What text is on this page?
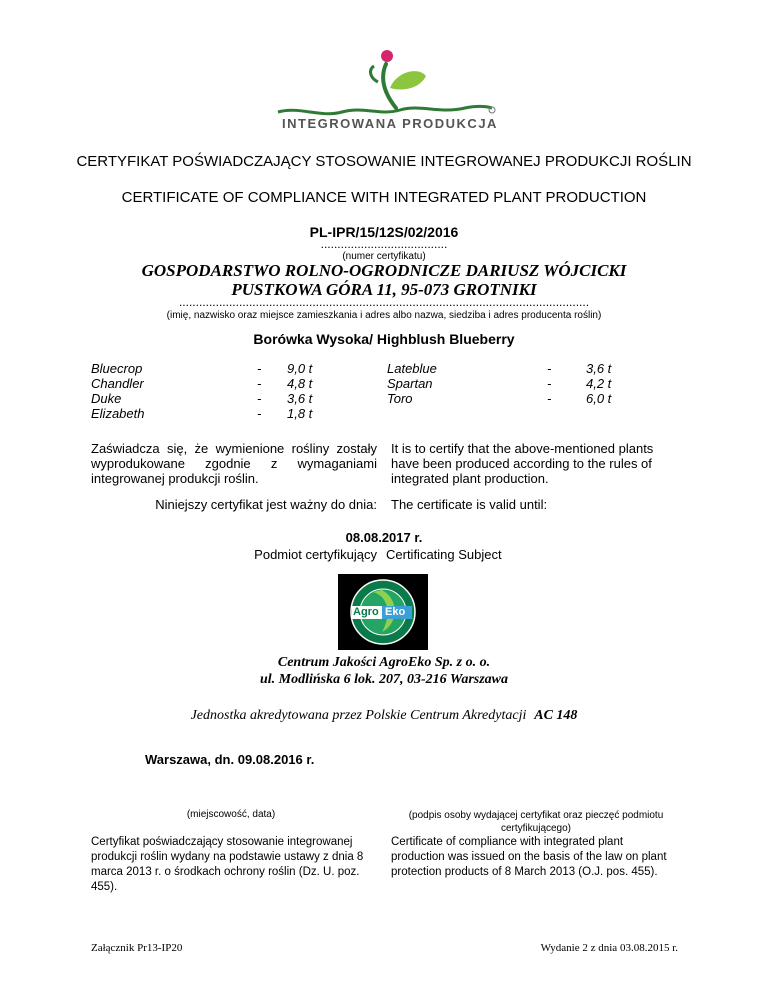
INTEGROWANA PRODUKCJA
CERTYFIKAT POŚWIADCZAJĄCY STOSOWANIE INTEGROWANEJ PRODUKCJI ROŚLIN
CERTIFICATE OF COMPLIANCE WITH INTEGRATED PLANT PRODUCTION
PL-IPR/15/12S/02/2016
......................................
(numer certyfikatu)
GOSPODARSTWO ROLNO-OGRODNICZE DARIUSZ WÓJCICKI
PUSTKOWA GÓRA 11, 95-073 GROTNIKI
...........................................................................................................................
(imię, nazwisko oraz miejsce zamieszkania i adres albo nazwa, siedziba i adres producenta roślin)
Borówka Wysoka/ Highblush Blueberry
Bluecrop
Chandler
Duke
Elizabeth
-
-
-
-
9,0 t
4,8 t
3,6 t
1,8 t
Lateblue
Spartan
Toro
-
-
-
3,6 t
4,2 t
6,0 t
Zaświadcza się, że wymienione rośliny zostały wyprodukowane zgodnie z wymaganiami integrowanej produkcji roślin.
It is to certify that the above-mentioned plants have been produced according to the rules of integrated plant production.
Niniejszy certyfikat jest ważny do dnia: The certificate is valid until:
08.08.2017 r.
Podmiot certyfikujący Certificating Subject
Agro Eko
Centrum Jakości AgroEko Sp. z o. o.
ul. Modlińska 6 lok. 207, 03-216 Warszawa
Jednostka akredytowana przez Polskie Centrum Akredytacji AC 148
Warszawa, dn. 09.08.2016 r.
(miejscowość, data)	(podpis osoby wydającej certyfikat oraz pieczęć podmiotu certyfikującego)
Certyfikat poświadczający stosowanie integrowanej produkcji roślin wydany na podstawie ustawy z dnia 8 marca 2013 r. o środkach ochrony roślin (Dz. U. poz. 455).
Certificate of compliance with integrated plant production was issued on the basis of the law on plant protection products of 8 March 2013 (O.J. pos. 455).
Załącznik Pr13-IP20	Wydanie 2 z dnia 03.08.2015 r.
